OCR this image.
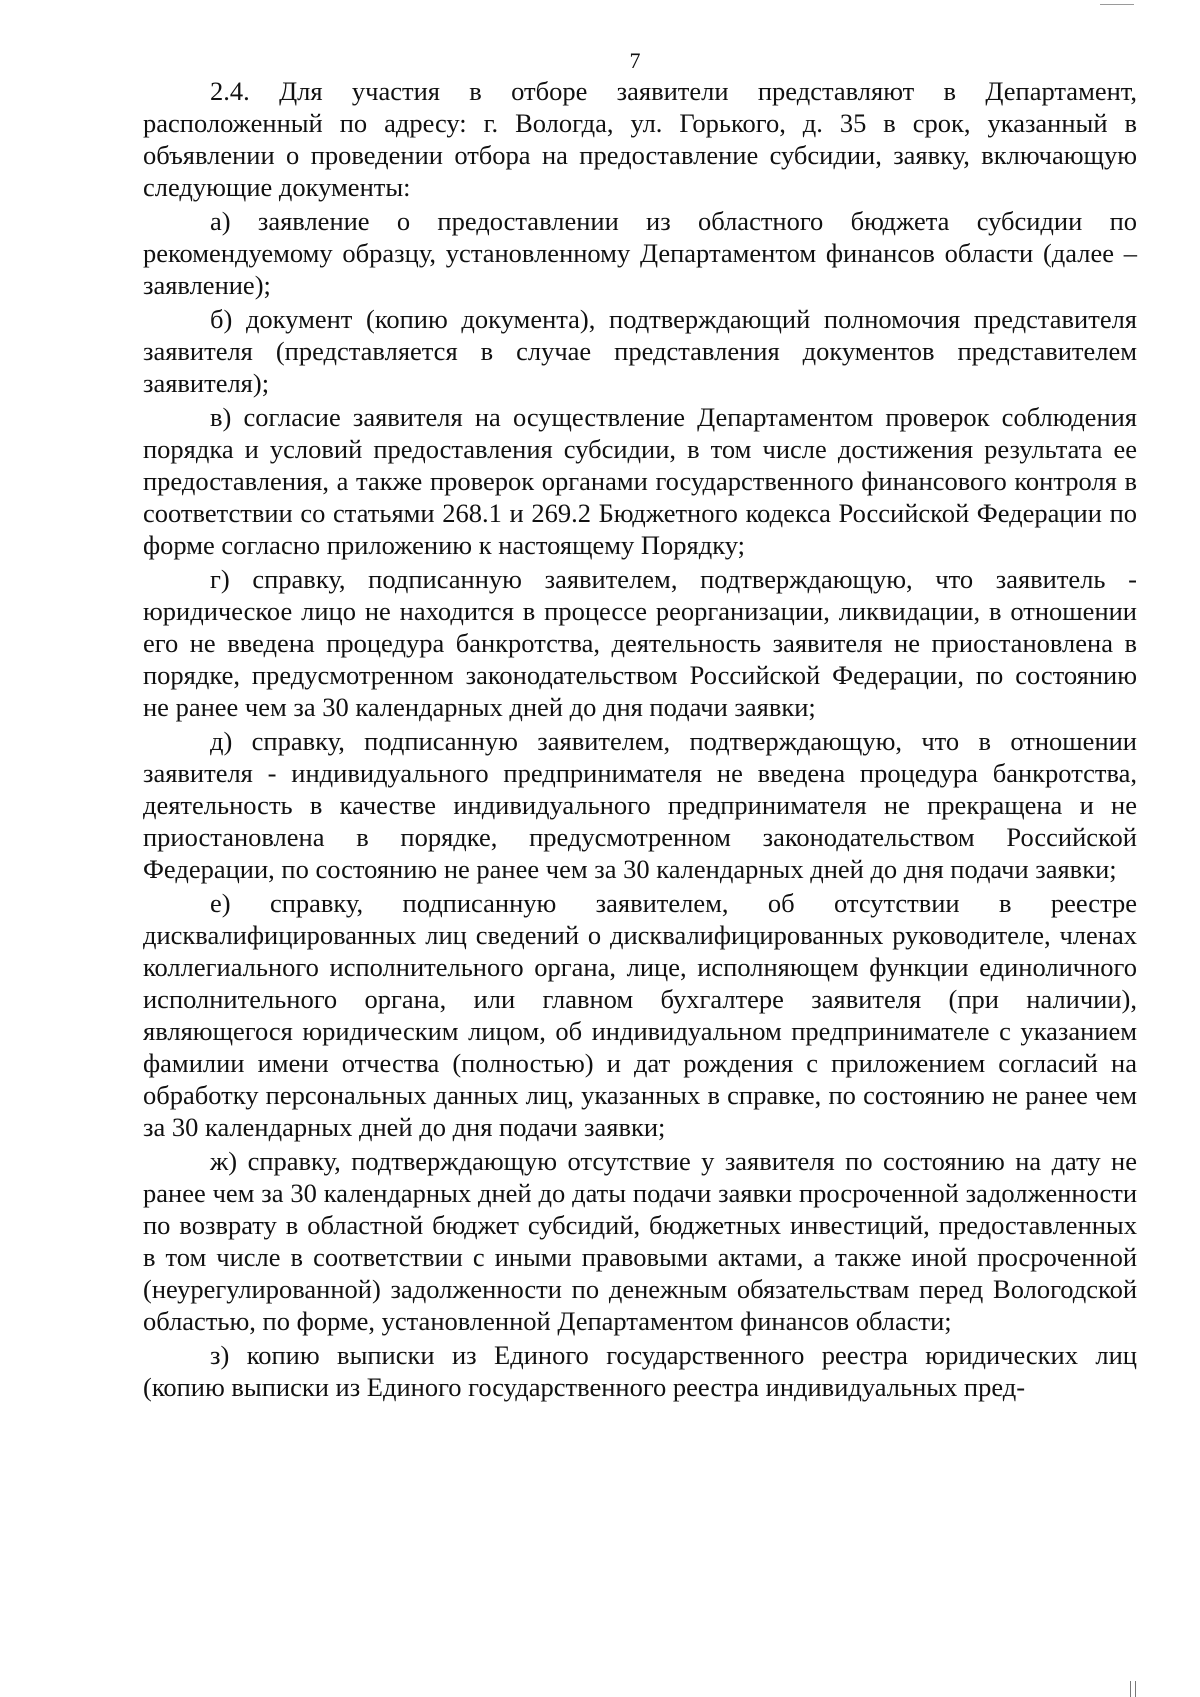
7

2.4. Для участия в отборе заявители представляют в Департамент, расположенный по адресу: г. Вологда, ул. Горького, д. 35 в срок, указанный в объявлении о проведении отбора на предоставление субсидии, заявку, включающую следующие документы:

а) заявление о предоставлении из областного бюджета субсидии по рекомендуемому образцу, установленному Департаментом финансов области (далее – заявление);

б) документ (копию документа), подтверждающий полномочия представителя заявителя (представляется в случае представления документов представителем заявителя);

в) согласие заявителя на осуществление Департаментом проверок соблюдения порядка и условий предоставления субсидии, в том числе достижения результата ее предоставления, а также проверок органами государственного финансового контроля в соответствии со статьями 268.1 и 269.2 Бюджетного кодекса Российской Федерации по форме согласно приложению к настоящему Порядку;

г) справку, подписанную заявителем, подтверждающую, что заявитель - юридическое лицо не находится в процессе реорганизации, ликвидации, в отношении его не введена процедура банкротства, деятельность заявителя не приостановлена в порядке, предусмотренном законодательством Российской Федерации, по состоянию не ранее чем за 30 календарных дней до дня подачи заявки;

д) справку, подписанную заявителем, подтверждающую, что в отношении заявителя - индивидуального предпринимателя не введена процедура банкротства, деятельность в качестве индивидуального предпринимателя не прекращена и не приостановлена в порядке, предусмотренном законодательством Российской Федерации, по состоянию не ранее чем за 30 календарных дней до дня подачи заявки;

е) справку, подписанную заявителем, об отсутствии в реестре дисквалифицированных лиц сведений о дисквалифицированных руководителе, членах коллегиального исполнительного органа, лице, исполняющем функции единоличного исполнительного органа, или главном бухгалтере заявителя (при наличии), являющегося юридическим лицом, об индивидуальном предпринимателе с указанием фамилии имени отчества (полностью) и дат рождения с приложением согласий на обработку персональных данных лиц, указанных в справке, по состоянию не ранее чем за 30 календарных дней до дня подачи заявки;

ж) справку, подтверждающую отсутствие у заявителя по состоянию на дату не ранее чем за 30 календарных дней до даты подачи заявки просроченной задолженности по возврату в областной бюджет субсидий, бюджетных инвестиций, предоставленных в том числе в соответствии с иными правовыми актами, а также иной просроченной (неурегулированной) задолженности по денежным обязательствам перед Вологодской областью, по форме, установленной Департаментом финансов области;

з) копию выписки из Единого государственного реестра юридических лиц (копию выписки из Единого государственного реестра индивидуальных пред-
